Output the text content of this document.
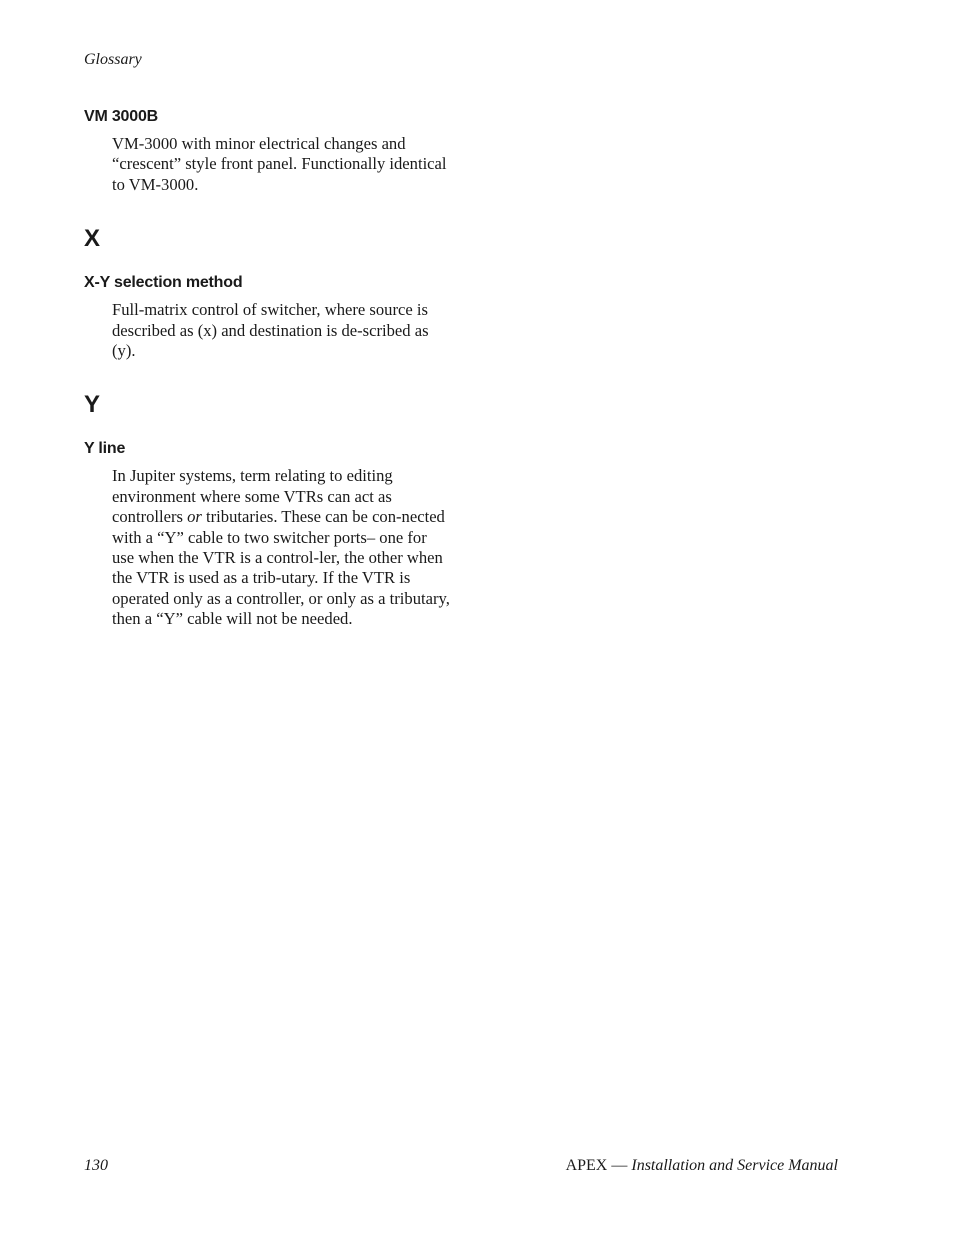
Glossary
VM 3000B

VM-3000 with minor electrical changes and “crescent” style front panel. Functionally identical to VM-3000.

X
X-Y selection method

Full-matrix control of switcher, where source is described as (x) and destination is de-scribed as (y).

Y
Y line

In Jupiter systems, term relating to editing environment where some VTRs can act as controllers or tributaries. These can be con-nected with a “Y” cable to two switcher ports– one for use when the VTR is a control-ler, the other when the VTR is used as a trib-utary. If the VTR is operated only as a controller, or only as a tributary, then a “Y” cable will not be needed.

130	APEX — Installation and Service Manual
